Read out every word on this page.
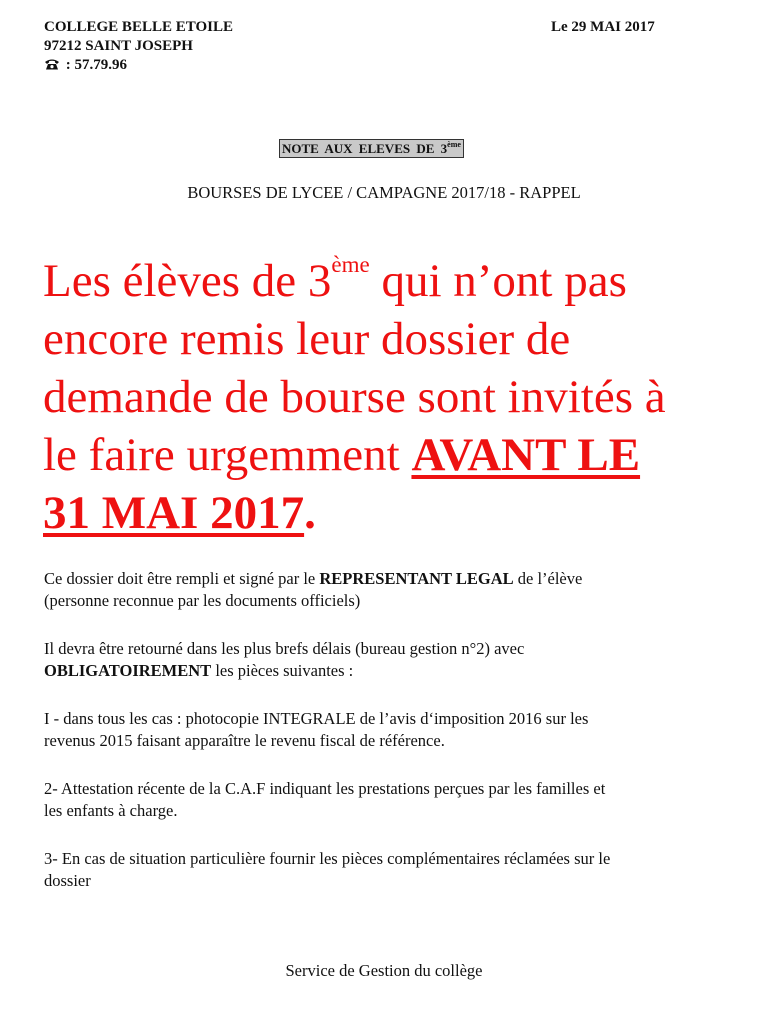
COLLEGE BELLE ETOILE
97212 SAINT JOSEPH
: 57.79.96
Le 29 MAI 2017
NOTE AUX ELEVES DE 3ème
BOURSES DE LYCEE / CAMPAGNE 2017/18 - RAPPEL
Les élèves de 3ème qui n’ont pas
encore remis leur dossier de
demande de bourse sont invités à
le faire urgemment AVANT LE
31 MAI 2017.
Ce dossier doit être rempli et signé par le REPRESENTANT LEGAL de l’élève
(personne reconnue par les documents officiels)
Il devra être retourné dans les plus brefs délais (bureau gestion n°2) avec
OBLIGATOIREMENT les pièces suivantes :
I - dans tous les cas : photocopie INTEGRALE de l’avis d‘imposition 2016 sur les
revenus 2015 faisant apparaître le revenu fiscal de référence.
2- Attestation récente de la C.A.F indiquant les prestations perçues par les familles et
les enfants à charge.
3- En cas de situation particulière fournir les pièces complémentaires réclamées sur le
dossier
Service de Gestion du collège
